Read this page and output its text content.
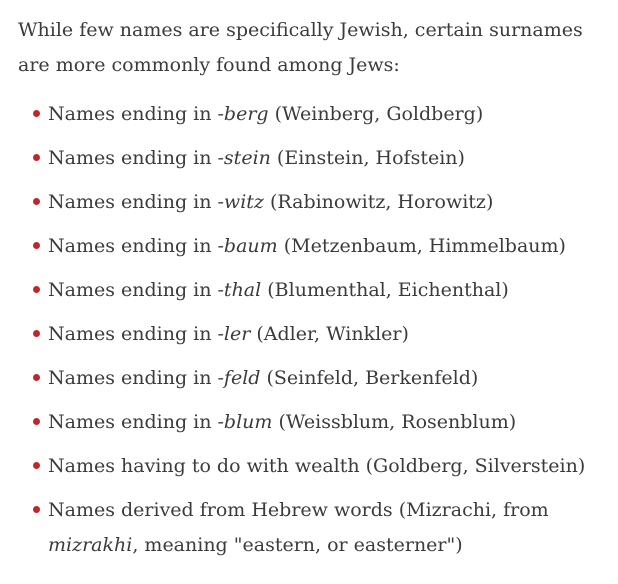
While few names are specifically Jewish, certain surnames are more commonly found among Jews:

Names ending in -berg (Weinberg, Goldberg)
Names ending in -stein (Einstein, Hofstein)
Names ending in -witz (Rabinowitz, Horowitz)
Names ending in -baum (Metzenbaum, Himmelbaum)
Names ending in -thal (Blumenthal, Eichenthal)
Names ending in -ler (Adler, Winkler)
Names ending in -feld (Seinfeld, Berkenfeld)
Names ending in -blum (Weissblum, Rosenblum)
Names having to do with wealth (Goldberg, Silverstein)
Names derived from Hebrew words (Mizrachi, from mizrakhi, meaning "eastern, or easterner")
